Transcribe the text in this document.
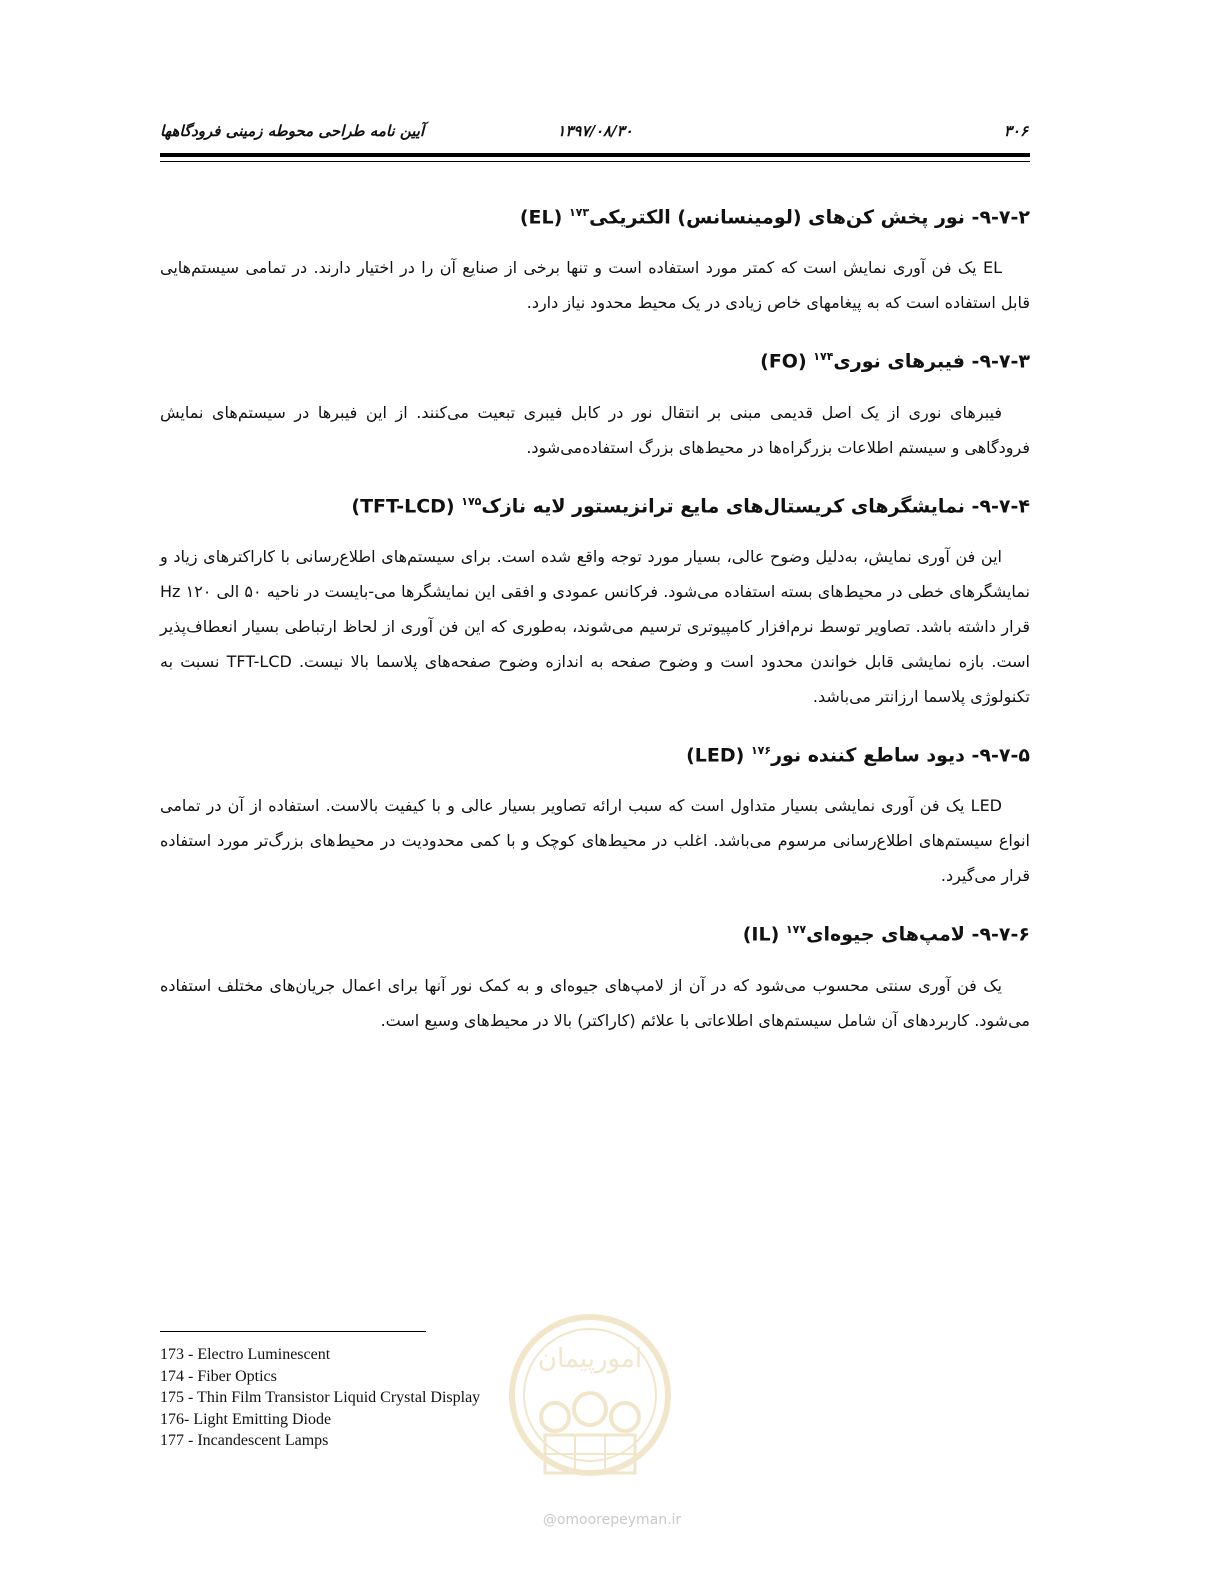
آیین نامه طراحی محوطه زمینی فرودگاهها	۱۳۹۷/۰۸/۳۰	۳۰۶
۹-۷-۲- نور پخش کن‌های (لومینسانس) الکتریکی$^{۱۷۳}$ (EL)

EL یک فن آوری نمایش است که کمتر مورد استفاده است و تنها برخی از صنایع آن را در اختیار دارند. در تمامی سیستم‌هایی قابل استفاده است که به پیغامهای خاص زیادی در یک محیط محدود نیاز دارد.

۹-۷-۳- فیبرهای نوری$^{۱۷۴}$ (FO)

فیبرهای نوری از یک اصل قدیمی مبنی بر انتقال نور در کابل فیبری تبعیت می‌کنند. از این فیبرها در سیستم‌های نمایش فرودگاهی و سیستم اطلاعات بزرگراه‌ها در محیط‌های بزرگ استفاده‌می‌شود.

۹-۷-۴- نمایشگرهای کریستال‌های مایع ترانزیستور لایه نازک$^{۱۷۵}$ (TFT-LCD)

این فن آوری نمایش، به‌دلیل وضوح عالی، بسیار مورد توجه واقع شده است. برای سیستم‌های اطلاع‌رسانی با کاراکترهای زیاد و نمایشگرهای خطی در محیط‌های بسته استفاده می‌شود. فرکانس عمودی و افقی این نمایشگرها می‌-بایست در ناحیه ۵۰ الی ۱۲۰ Hz قرار داشته باشد. تصاویر توسط نرم‌افزار کامپیوتری ترسیم می‌شوند، به‌طوری که این فن آوری از لحاظ ارتباطی بسیار انعطاف‌پذیر است. بازه نمایشی قابل خواندن محدود است و وضوح صفحه به اندازه وضوح صفحه‌های پلاسما بالا نیست. TFT-LCD نسبت به تکنولوژی پلاسما ارزانتر می‌باشد.

۹-۷-۵- دیود ساطع کننده نور$^{۱۷۶}$ (LED)

LED یک فن آوری نمایشی بسیار متداول است که سبب ارائه تصاویر بسیار عالی و با کیفیت بالاست. استفاده از آن در تمامی انواع سیستم‌های اطلاع‌رسانی مرسوم می‌باشد. اغلب در محیط‌های کوچک و با کمی محدودیت در محیط‌های بزرگ‌تر مورد استفاده قرار می‌گیرد.

۹-۷-۶- لامپ‌های جیوه‌ای$^{۱۷۷}$ (IL)

یک فن آوری سنتی محسوب می‌شود که در آن از لامپ‌های جیوه‌ای و به کمک نور آنها برای اعمال جریان‌های مختلف استفاده می‌شود. کاربردهای آن شامل سیستم‌های اطلاعاتی با علائم (کاراکتر) بالا در محیط‌های وسیع است.

173 - Electro Luminescent
174 - Fiber Optics
175 - Thin Film Transistor Liquid Crystal Display
176- Light Emitting Diode
177 - Incandescent Lamps
امورپیمان
@omoorepeyman.ir
